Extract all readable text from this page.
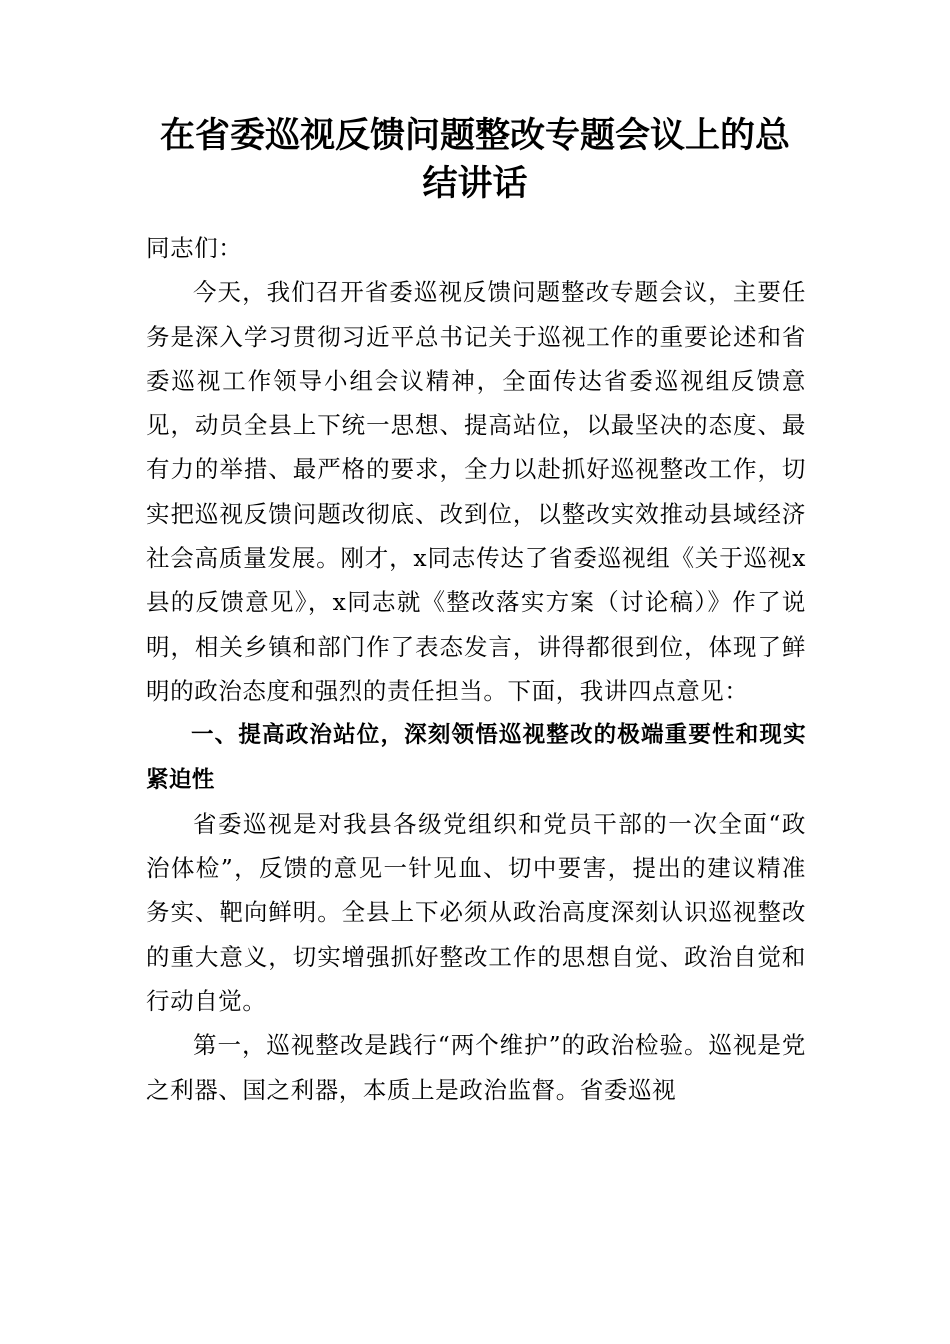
在省委巡视反馈问题整改专题会议上的总结讲话

同志们：

今天，我们召开省委巡视反馈问题整改专题会议，主要任务是深入学习贯彻习近平总书记关于巡视工作的重要论述和省委巡视工作领导小组会议精神，全面传达省委巡视组反馈意见，动员全县上下统一思想、提高站位，以最坚决的态度、最有力的举措、最严格的要求，全力以赴抓好巡视整改工作，切实把巡视反馈问题改彻底、改到位，以整改实效推动县域经济社会高质量发展。刚才，x同志传达了省委巡视组《关于巡视x县的反馈意见》，x同志就《整改落实方案（讨论稿）》作了说明，相关乡镇和部门作了表态发言，讲得都很到位，体现了鲜明的政治态度和强烈的责任担当。下面，我讲四点意见：

一、提高政治站位，深刻领悟巡视整改的极端重要性和现实紧迫性

省委巡视是对我县各级党组织和党员干部的一次全面“政治体检”，反馈的意见一针见血、切中要害，提出的建议精准务实、靶向鲜明。全县上下必须从政治高度深刻认识巡视整改的重大意义，切实增强抓好整改工作的思想自觉、政治自觉和行动自觉。

第一，巡视整改是践行“两个维护”的政治检验。巡视是党之利器、国之利器，本质上是政治监督。省委巡视
